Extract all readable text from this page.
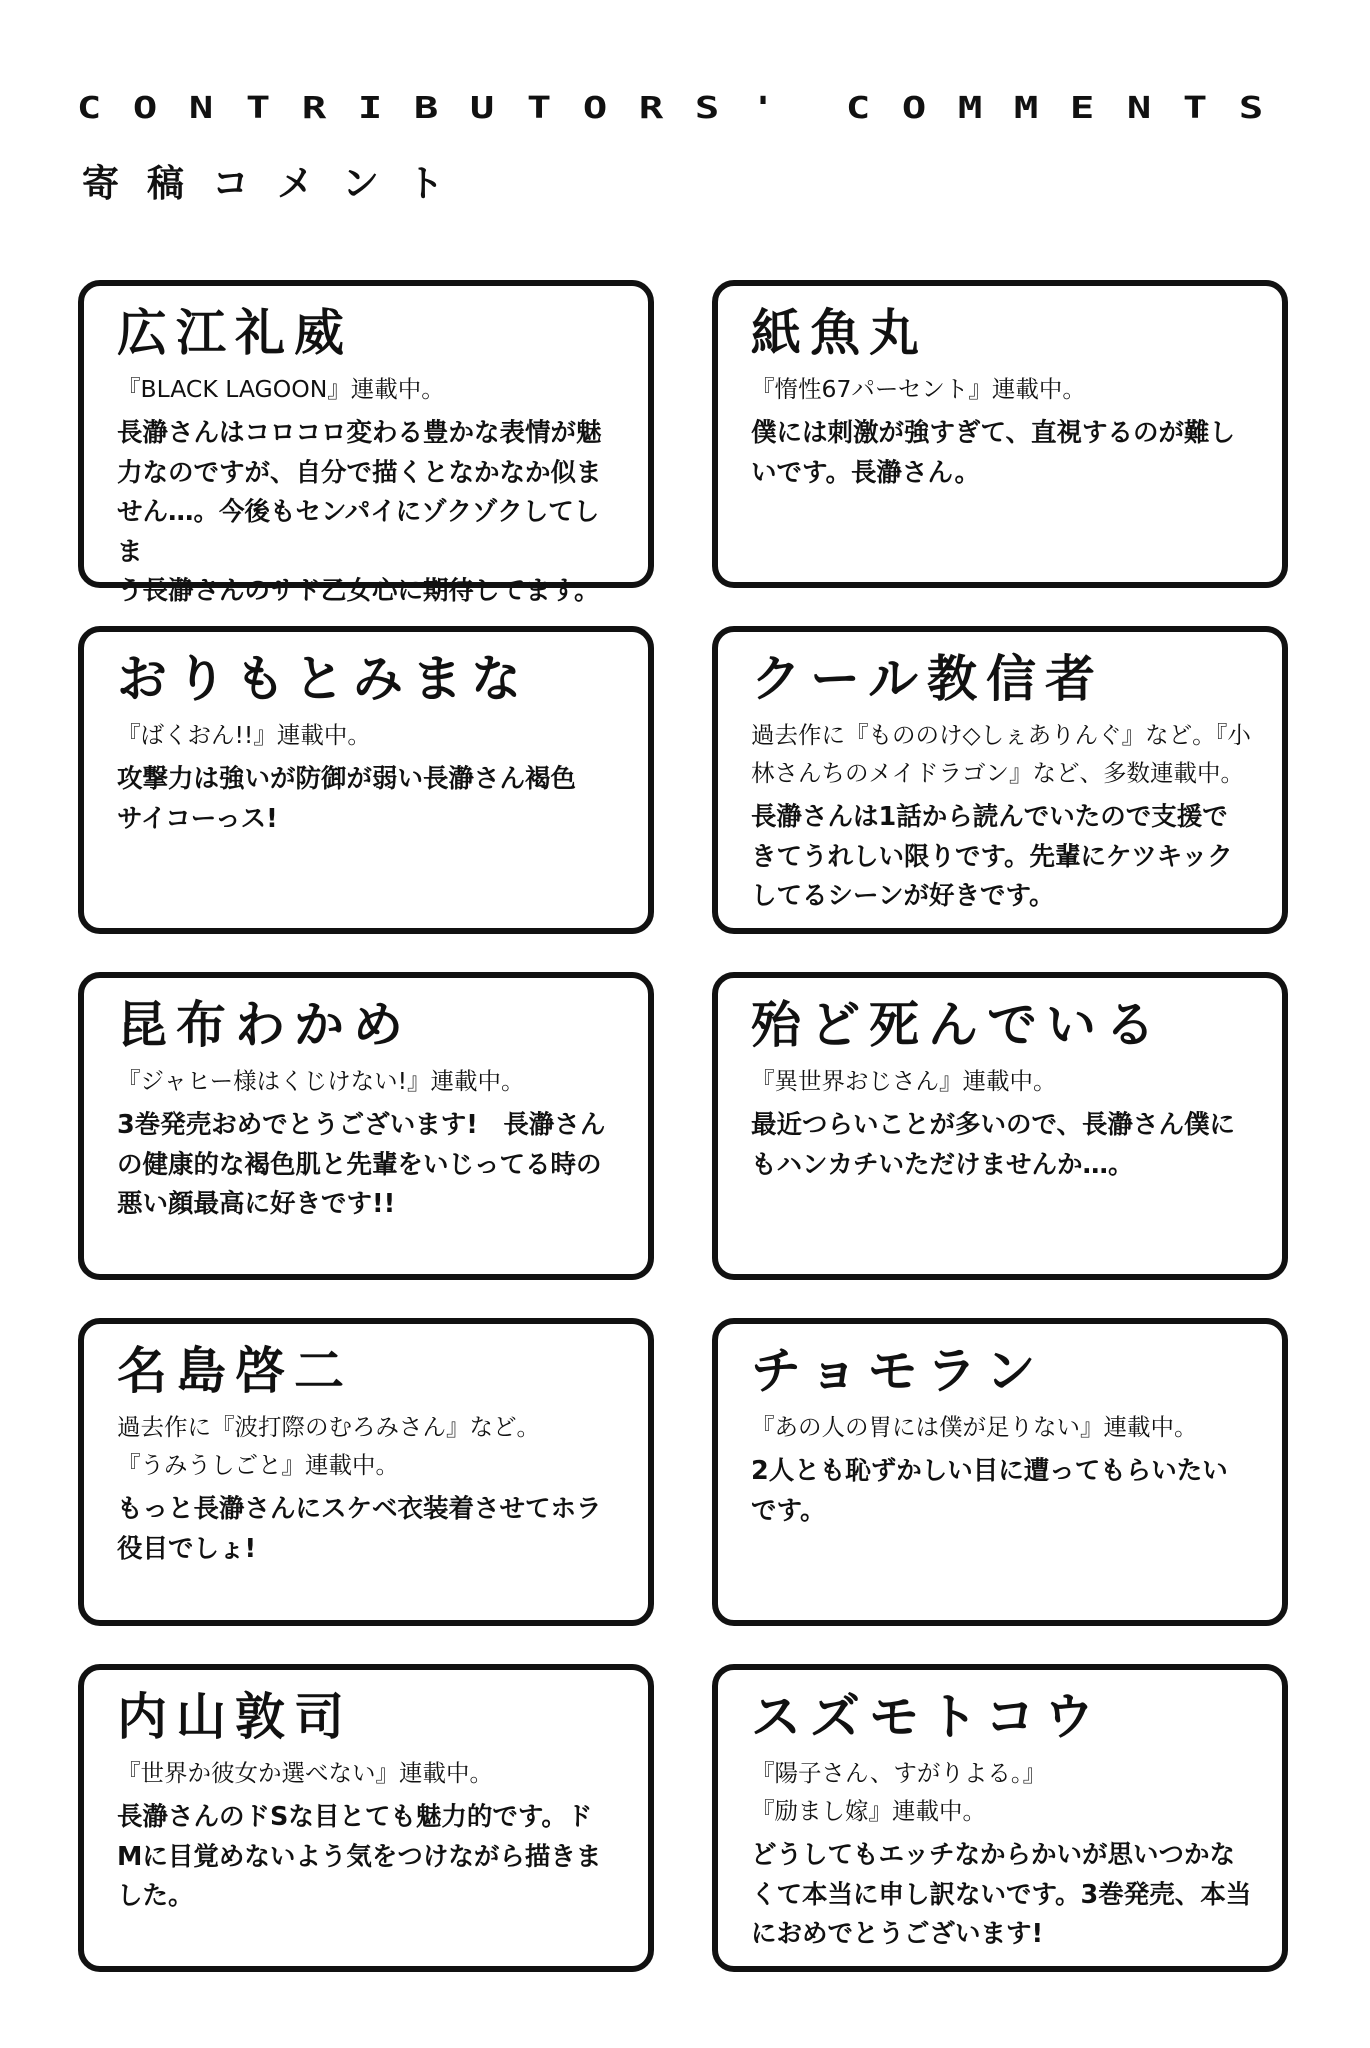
C O N T R I B U T O R S ' C O M M E N T S
寄稿コメント
広江礼威
『BLACK LAGOON』連載中。
長瀞さんはコロコロ変わる豊かな表情が魅
力なのですが、自分で描くとなかなか似ま
せん…。今後もセンパイにゾクゾクしてしま
う長瀞さんのサド乙女心に期待してます。
紙魚丸
『惰性67パーセント』連載中。
僕には刺激が強すぎて、直視するのが難し
いです。長瀞さん。
おりもとみまな
『ばくおん!!』連載中。
攻撃力は強いが防御が弱い長瀞さん褐色
サイコーっス!
クール教信者
過去作に『もののけ◇しぇありんぐ』など。『小
林さんちのメイドラゴン』など、多数連載中。
長瀞さんは1話から読んでいたので支援で
きてうれしい限りです。先輩にケツキック
してるシーンが好きです。
昆布わかめ
『ジャヒー様はくじけない!』連載中。
3巻発売おめでとうございます!　長瀞さん
の健康的な褐色肌と先輩をいじってる時の
悪い顔最高に好きです!!
殆ど死んでいる
『異世界おじさん』連載中。
最近つらいことが多いので、長瀞さん僕に
もハンカチいただけませんか…。
名島啓二
過去作に『波打際のむろみさん』など。
『うみうしごと』連載中。
もっと長瀞さんにスケベ衣装着させてホラ
役目でしょ!
チョモラン
『あの人の胃には僕が足りない』連載中。
2人とも恥ずかしい目に遭ってもらいたい
です。
内山敦司
『世界か彼女か選べない』連載中。
長瀞さんのドSな目とても魅力的です。ド
Mに目覚めないよう気をつけながら描きま
した。
スズモトコウ
『陽子さん、すがりよる。』
『励まし嫁』連載中。
どうしてもエッチなからかいが思いつかな
くて本当に申し訳ないです。3巻発売、本当
におめでとうございます!
